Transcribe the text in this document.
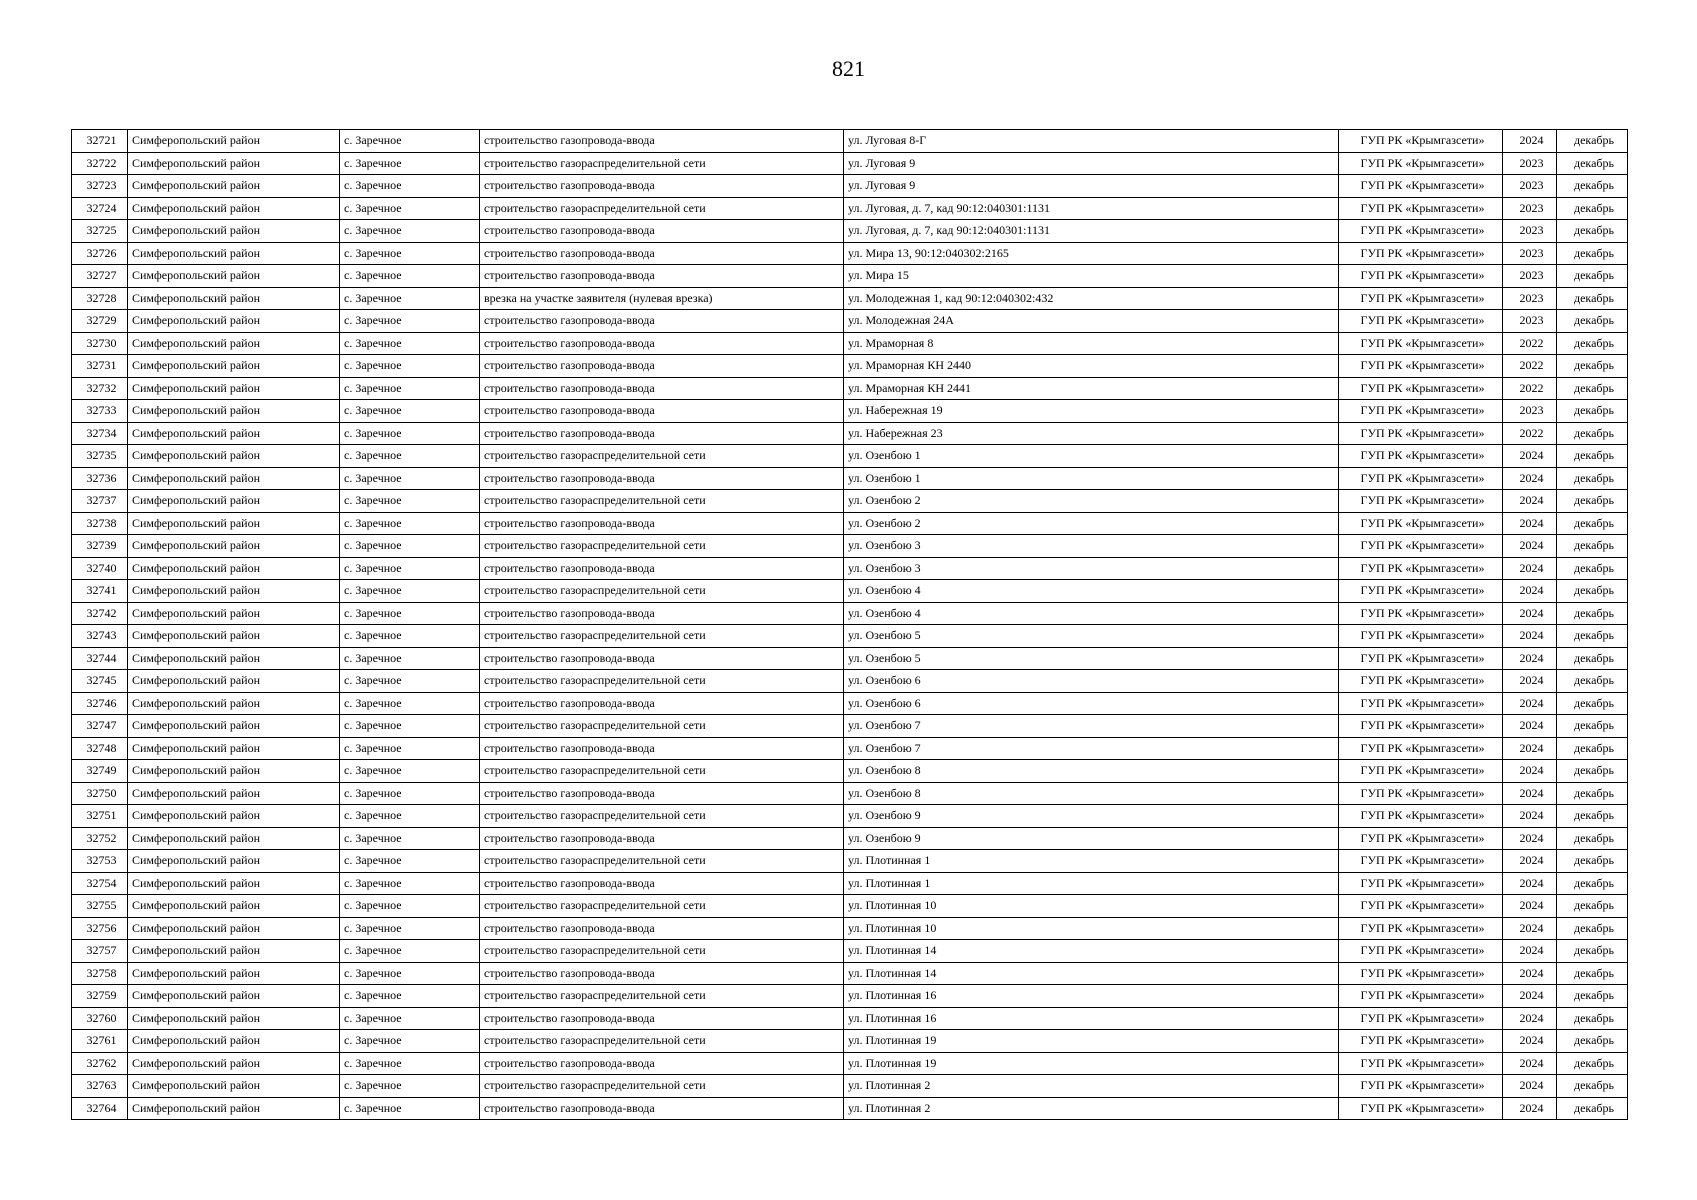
821
32721	Симферопольский район	с. Заречное	строительство газопровода-ввода	ул. Луговая 8-Г	ГУП РК «Крымгазсети»	2024	декабрь
32722	Симферопольский район	с. Заречное	строительство газораспределительной сети	ул. Луговая 9	ГУП РК «Крымгазсети»	2023	декабрь
32723	Симферопольский район	с. Заречное	строительство газопровода-ввода	ул. Луговая 9	ГУП РК «Крымгазсети»	2023	декабрь
32724	Симферопольский район	с. Заречное	строительство газораспределительной сети	ул. Луговая, д. 7, кад 90:12:040301:1131	ГУП РК «Крымгазсети»	2023	декабрь
32725	Симферопольский район	с. Заречное	строительство газопровода-ввода	ул. Луговая, д. 7, кад 90:12:040301:1131	ГУП РК «Крымгазсети»	2023	декабрь
32726	Симферопольский район	с. Заречное	строительство газопровода-ввода	ул. Мира 13, 90:12:040302:2165	ГУП РК «Крымгазсети»	2023	декабрь
32727	Симферопольский район	с. Заречное	строительство газопровода-ввода	ул. Мира 15	ГУП РК «Крымгазсети»	2023	декабрь
32728	Симферопольский район	с. Заречное	врезка на участке заявителя (нулевая врезка)	ул. Молодежная 1, кад 90:12:040302:432	ГУП РК «Крымгазсети»	2023	декабрь
32729	Симферопольский район	с. Заречное	строительство газопровода-ввода	ул. Молодежная 24А	ГУП РК «Крымгазсети»	2023	декабрь
32730	Симферопольский район	с. Заречное	строительство газопровода-ввода	ул. Мраморная 8	ГУП РК «Крымгазсети»	2022	декабрь
32731	Симферопольский район	с. Заречное	строительство газопровода-ввода	ул. Мраморная КН 2440	ГУП РК «Крымгазсети»	2022	декабрь
32732	Симферопольский район	с. Заречное	строительство газопровода-ввода	ул. Мраморная КН 2441	ГУП РК «Крымгазсети»	2022	декабрь
32733	Симферопольский район	с. Заречное	строительство газопровода-ввода	ул. Набережная 19	ГУП РК «Крымгазсети»	2023	декабрь
32734	Симферопольский район	с. Заречное	строительство газопровода-ввода	ул. Набережная 23	ГУП РК «Крымгазсети»	2022	декабрь
32735	Симферопольский район	с. Заречное	строительство газораспределительной сети	ул. Озенбою 1	ГУП РК «Крымгазсети»	2024	декабрь
32736	Симферопольский район	с. Заречное	строительство газопровода-ввода	ул. Озенбою 1	ГУП РК «Крымгазсети»	2024	декабрь
32737	Симферопольский район	с. Заречное	строительство газораспределительной сети	ул. Озенбою 2	ГУП РК «Крымгазсети»	2024	декабрь
32738	Симферопольский район	с. Заречное	строительство газопровода-ввода	ул. Озенбою 2	ГУП РК «Крымгазсети»	2024	декабрь
32739	Симферопольский район	с. Заречное	строительство газораспределительной сети	ул. Озенбою 3	ГУП РК «Крымгазсети»	2024	декабрь
32740	Симферопольский район	с. Заречное	строительство газопровода-ввода	ул. Озенбою 3	ГУП РК «Крымгазсети»	2024	декабрь
32741	Симферопольский район	с. Заречное	строительство газораспределительной сети	ул. Озенбою 4	ГУП РК «Крымгазсети»	2024	декабрь
32742	Симферопольский район	с. Заречное	строительство газопровода-ввода	ул. Озенбою 4	ГУП РК «Крымгазсети»	2024	декабрь
32743	Симферопольский район	с. Заречное	строительство газораспределительной сети	ул. Озенбою 5	ГУП РК «Крымгазсети»	2024	декабрь
32744	Симферопольский район	с. Заречное	строительство газопровода-ввода	ул. Озенбою 5	ГУП РК «Крымгазсети»	2024	декабрь
32745	Симферопольский район	с. Заречное	строительство газораспределительной сети	ул. Озенбою 6	ГУП РК «Крымгазсети»	2024	декабрь
32746	Симферопольский район	с. Заречное	строительство газопровода-ввода	ул. Озенбою 6	ГУП РК «Крымгазсети»	2024	декабрь
32747	Симферопольский район	с. Заречное	строительство газораспределительной сети	ул. Озенбою 7	ГУП РК «Крымгазсети»	2024	декабрь
32748	Симферопольский район	с. Заречное	строительство газопровода-ввода	ул. Озенбою 7	ГУП РК «Крымгазсети»	2024	декабрь
32749	Симферопольский район	с. Заречное	строительство газораспределительной сети	ул. Озенбою 8	ГУП РК «Крымгазсети»	2024	декабрь
32750	Симферопольский район	с. Заречное	строительство газопровода-ввода	ул. Озенбою 8	ГУП РК «Крымгазсети»	2024	декабрь
32751	Симферопольский район	с. Заречное	строительство газораспределительной сети	ул. Озенбою 9	ГУП РК «Крымгазсети»	2024	декабрь
32752	Симферопольский район	с. Заречное	строительство газопровода-ввода	ул. Озенбою 9	ГУП РК «Крымгазсети»	2024	декабрь
32753	Симферопольский район	с. Заречное	строительство газораспределительной сети	ул. Плотинная 1	ГУП РК «Крымгазсети»	2024	декабрь
32754	Симферопольский район	с. Заречное	строительство газопровода-ввода	ул. Плотинная 1	ГУП РК «Крымгазсети»	2024	декабрь
32755	Симферопольский район	с. Заречное	строительство газораспределительной сети	ул. Плотинная 10	ГУП РК «Крымгазсети»	2024	декабрь
32756	Симферопольский район	с. Заречное	строительство газопровода-ввода	ул. Плотинная 10	ГУП РК «Крымгазсети»	2024	декабрь
32757	Симферопольский район	с. Заречное	строительство газораспределительной сети	ул. Плотинная 14	ГУП РК «Крымгазсети»	2024	декабрь
32758	Симферопольский район	с. Заречное	строительство газопровода-ввода	ул. Плотинная 14	ГУП РК «Крымгазсети»	2024	декабрь
32759	Симферопольский район	с. Заречное	строительство газораспределительной сети	ул. Плотинная 16	ГУП РК «Крымгазсети»	2024	декабрь
32760	Симферопольский район	с. Заречное	строительство газопровода-ввода	ул. Плотинная 16	ГУП РК «Крымгазсети»	2024	декабрь
32761	Симферопольский район	с. Заречное	строительство газораспределительной сети	ул. Плотинная 19	ГУП РК «Крымгазсети»	2024	декабрь
32762	Симферопольский район	с. Заречное	строительство газопровода-ввода	ул. Плотинная 19	ГУП РК «Крымгазсети»	2024	декабрь
32763	Симферопольский район	с. Заречное	строительство газораспределительной сети	ул. Плотинная 2	ГУП РК «Крымгазсети»	2024	декабрь
32764	Симферопольский район	с. Заречное	строительство газопровода-ввода	ул. Плотинная 2	ГУП РК «Крымгазсети»	2024	декабрь
